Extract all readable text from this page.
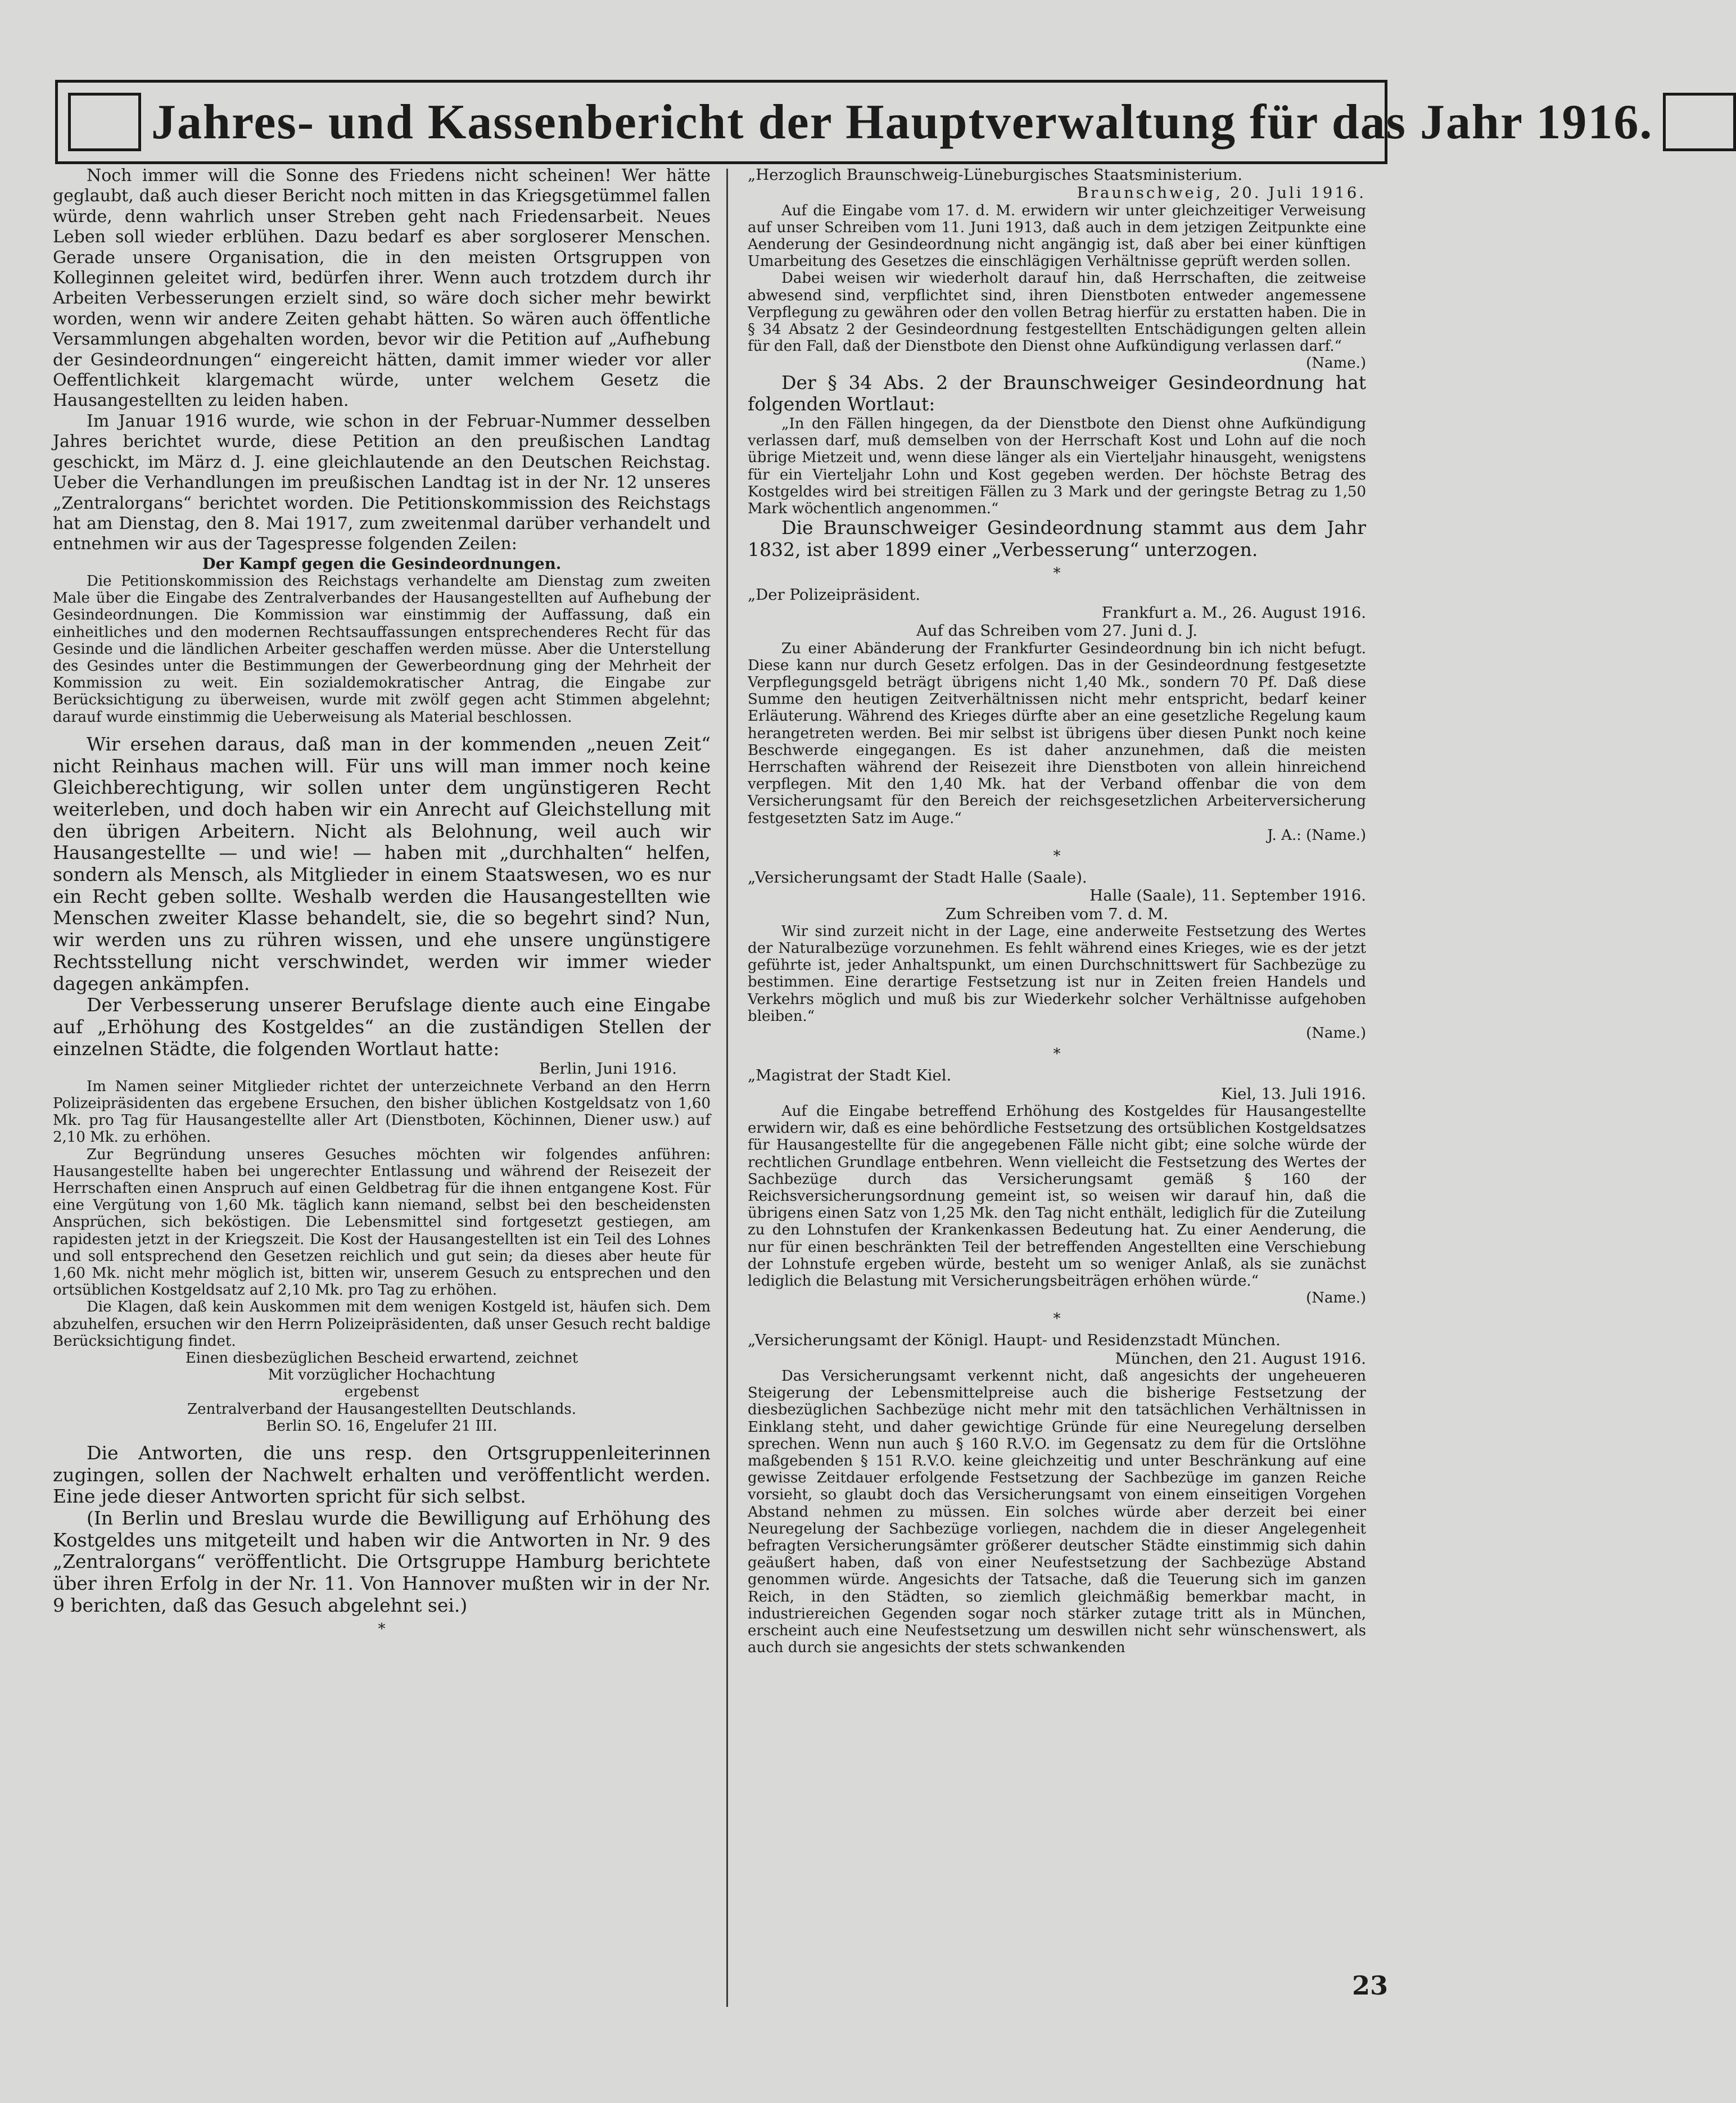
Jahres- und Kassenbericht der Hauptverwaltung für das Jahr 1916.

Noch immer will die Sonne des Friedens nicht scheinen! Wer hätte geglaubt, daß auch dieser Bericht noch mitten in das Kriegsgetümmel fallen würde, denn wahrlich unser Streben geht nach Friedensarbeit. Neues Leben soll wieder erblühen. Dazu bedarf es aber sorgloserer Menschen. Gerade unsere Organisation, die in den meisten Ortsgruppen von Kolleginnen geleitet wird, bedürfen ihrer. Wenn auch trotzdem durch ihr Arbeiten Verbesserungen erzielt sind, so wäre doch sicher mehr bewirkt worden, wenn wir andere Zeiten gehabt hätten. So wären auch öffentliche Versammlungen abgehalten worden, bevor wir die Petition auf „Aufhebung der Gesindeordnungen“ eingereicht hätten, damit immer wieder vor aller Oeffentlichkeit klargemacht würde, unter welchem Gesetz die Hausangestellten zu leiden haben.

Im Januar 1916 wurde, wie schon in der Februar-Nummer desselben Jahres berichtet wurde, diese Petition an den preußischen Landtag geschickt, im März d. J. eine gleichlautende an den Deutschen Reichstag. Ueber die Verhandlungen im preußischen Landtag ist in der Nr. 12 unseres „Zentralorgans“ berichtet worden. Die Petitionskommission des Reichstags hat am Dienstag, den 8. Mai 1917, zum zweitenmal darüber verhandelt und entnehmen wir aus der Tagespresse folgenden Zeilen:

Der Kampf gegen die Gesindeordnungen.

Die Petitionskommission des Reichstags verhandelte am Dienstag zum zweiten Male über die Eingabe des Zentralverbandes der Hausangestellten auf Aufhebung der Gesindeordnungen. Die Kommission war einstimmig der Auffassung, daß ein einheitliches und den modernen Rechtsauffassungen entsprechenderes Recht für das Gesinde und die ländlichen Arbeiter geschaffen werden müsse. Aber die Unterstellung des Gesindes unter die Bestimmungen der Gewerbeordnung ging der Mehrheit der Kommission zu weit. Ein sozialdemokratischer Antrag, die Eingabe zur Berücksichtigung zu überweisen, wurde mit zwölf gegen acht Stimmen abgelehnt; darauf wurde einstimmig die Ueberweisung als Material beschlossen.

Wir ersehen daraus, daß man in der kommenden „neuen Zeit“ nicht Reinhaus machen will. Für uns will man immer noch keine Gleichberechtigung, wir sollen unter dem ungünstigeren Recht weiterleben, und doch haben wir ein Anrecht auf Gleichstellung mit den übrigen Arbeitern. Nicht als Belohnung, weil auch wir Hausangestellte — und wie! — haben mit „durchhalten“ helfen, sondern als Mensch, als Mitglieder in einem Staatswesen, wo es nur ein Recht geben sollte. Weshalb werden die Hausangestellten wie Menschen zweiter Klasse behandelt, sie, die so begehrt sind? Nun, wir werden uns zu rühren wissen, und ehe unsere ungünstigere Rechtsstellung nicht verschwindet, werden wir immer wieder dagegen ankämpfen.

Der Verbesserung unserer Berufslage diente auch eine Eingabe auf „Erhöhung des Kostgeldes“ an die zuständigen Stellen der einzelnen Städte, die folgenden Wortlaut hatte:

Berlin, Juni 1916.

Im Namen seiner Mitglieder richtet der unterzeichnete Verband an den Herrn Polizeipräsidenten das ergebene Ersuchen, den bisher üblichen Kostgeldsatz von 1,60 Mk. pro Tag für Hausangestellte aller Art (Dienstboten, Köchinnen, Diener usw.) auf 2,10 Mk. zu erhöhen.

Zur Begründung unseres Gesuches möchten wir folgendes anführen: Hausangestellte haben bei ungerechter Entlassung und während der Reisezeit der Herrschaften einen Anspruch auf einen Geldbetrag für die ihnen entgangene Kost. Für eine Vergütung von 1,60 Mk. täglich kann niemand, selbst bei den bescheidensten Ansprüchen, sich beköstigen. Die Lebensmittel sind fortgesetzt gestiegen, am rapidesten jetzt in der Kriegszeit. Die Kost der Hausangestellten ist ein Teil des Lohnes und soll entsprechend den Gesetzen reichlich und gut sein; da dieses aber heute für 1,60 Mk. nicht mehr möglich ist, bitten wir, unserem Gesuch zu entsprechen und den ortsüblichen Kostgeldsatz auf 2,10 Mk. pro Tag zu erhöhen.

Die Klagen, daß kein Auskommen mit dem wenigen Kostgeld ist, häufen sich. Dem abzuhelfen, ersuchen wir den Herrn Polizeipräsidenten, daß unser Gesuch recht baldige Berücksichtigung findet.

Einen diesbezüglichen Bescheid erwartend, zeichnet

Mit vorzüglicher Hochachtung

ergebenst

Zentralverband der Hausangestellten Deutschlands.

Berlin SO. 16, Engelufer 21 III.

Die Antworten, die uns resp. den Ortsgruppenleiterinnen zugingen, sollen der Nachwelt erhalten und veröffentlicht werden. Eine jede dieser Antworten spricht für sich selbst.

(In Berlin und Breslau wurde die Bewilligung auf Erhöhung des Kostgeldes uns mitgeteilt und haben wir die Antworten in Nr. 9 des „Zentralorgans“ veröffentlicht. Die Ortsgruppe Hamburg berichtete über ihren Erfolg in der Nr. 11. Von Hannover mußten wir in der Nr. 9 berichten, daß das Gesuch abgelehnt sei.)

*

„Herzoglich Braunschweig-Lüneburgisches Staatsministerium.

Braunschweig, 20. Juli 1916.

Auf die Eingabe vom 17. d. M. erwidern wir unter gleichzeitiger Verweisung auf unser Schreiben vom 11. Juni 1913, daß auch in dem jetzigen Zeitpunkte eine Aenderung der Gesindeordnung nicht angängig ist, daß aber bei einer künftigen Umarbeitung des Gesetzes die einschlägigen Verhältnisse geprüft werden sollen.

Dabei weisen wir wiederholt darauf hin, daß Herrschaften, die zeitweise abwesend sind, verpflichtet sind, ihren Dienstboten entweder angemessene Verpflegung zu gewähren oder den vollen Betrag hierfür zu erstatten haben. Die in § 34 Absatz 2 der Gesindeordnung festgestellten Entschädigungen gelten allein für den Fall, daß der Dienstbote den Dienst ohne Aufkündigung verlassen darf.“

(Name.)

Der § 34 Abs. 2 der Braunschweiger Gesindeordnung hat folgenden Wortlaut:

„In den Fällen hingegen, da der Dienstbote den Dienst ohne Aufkündigung verlassen darf, muß demselben von der Herrschaft Kost und Lohn auf die noch übrige Mietzeit und, wenn diese länger als ein Vierteljahr hinausgeht, wenigstens für ein Vierteljahr Lohn und Kost gegeben werden. Der höchste Betrag des Kostgeldes wird bei streitigen Fällen zu 3 Mark und der geringste Betrag zu 1,50 Mark wöchentlich angenommen.“

Die Braunschweiger Gesindeordnung stammt aus dem Jahr 1832, ist aber 1899 einer „Verbesserung“ unterzogen.

*

„Der Polizeipräsident.

Frankfurt a. M., 26. August 1916.

Auf das Schreiben vom 27. Juni d. J.

Zu einer Abänderung der Frankfurter Gesindeordnung bin ich nicht befugt. Diese kann nur durch Gesetz erfolgen. Das in der Gesindeordnung festgesetzte Verpflegungsgeld beträgt übrigens nicht 1,40 Mk., sondern 70 Pf. Daß diese Summe den heutigen Zeitverhältnissen nicht mehr entspricht, bedarf keiner Erläuterung. Während des Krieges dürfte aber an eine gesetzliche Regelung kaum herangetreten werden. Bei mir selbst ist übrigens über diesen Punkt noch keine Beschwerde eingegangen. Es ist daher anzunehmen, daß die meisten Herrschaften während der Reisezeit ihre Dienstboten von allein hinreichend verpflegen. Mit den 1,40 Mk. hat der Verband offenbar die von dem Versicherungsamt für den Bereich der reichsgesetzlichen Arbeiterversicherung festgesetzten Satz im Auge.“

J. A.: (Name.)

*

„Versicherungsamt der Stadt Halle (Saale).

Halle (Saale), 11. September 1916.

Zum Schreiben vom 7. d. M.

Wir sind zurzeit nicht in der Lage, eine anderweite Festsetzung des Wertes der Naturalbezüge vorzunehmen. Es fehlt während eines Krieges, wie es der jetzt geführte ist, jeder Anhaltspunkt, um einen Durchschnittswert für Sachbezüge zu bestimmen. Eine derartige Festsetzung ist nur in Zeiten freien Handels und Verkehrs möglich und muß bis zur Wiederkehr solcher Verhältnisse aufgehoben bleiben.“

(Name.)

*

„Magistrat der Stadt Kiel.

Kiel, 13. Juli 1916.

Auf die Eingabe betreffend Erhöhung des Kostgeldes für Hausangestellte erwidern wir, daß es eine behördliche Festsetzung des ortsüblichen Kostgeldsatzes für Hausangestellte für die angegebenen Fälle nicht gibt; eine solche würde der rechtlichen Grundlage entbehren. Wenn vielleicht die Festsetzung des Wertes der Sachbezüge durch das Versicherungsamt gemäß § 160 der Reichsversicherungsordnung gemeint ist, so weisen wir darauf hin, daß die übrigens einen Satz von 1,25 Mk. den Tag nicht enthält, lediglich für die Zuteilung zu den Lohnstufen der Krankenkassen Bedeutung hat. Zu einer Aenderung, die nur für einen beschränkten Teil der betreffenden Angestellten eine Verschiebung der Lohnstufe ergeben würde, besteht um so weniger Anlaß, als sie zunächst lediglich die Belastung mit Versicherungsbeiträgen erhöhen würde.“

(Name.)

*

„Versicherungsamt der Königl. Haupt- und Residenzstadt München.

München, den 21. August 1916.

Das Versicherungsamt verkennt nicht, daß angesichts der ungeheueren Steigerung der Lebensmittelpreise auch die bisherige Festsetzung der diesbezüglichen Sachbezüge nicht mehr mit den tatsächlichen Verhältnissen in Einklang steht, und daher gewichtige Gründe für eine Neuregelung derselben sprechen. Wenn nun auch § 160 R.V.O. im Gegensatz zu dem für die Ortslöhne maßgebenden § 151 R.V.O. keine gleichzeitig und unter Beschränkung auf eine gewisse Zeitdauer erfolgende Festsetzung der Sachbezüge im ganzen Reiche vorsieht, so glaubt doch das Versicherungsamt von einem einseitigen Vorgehen Abstand nehmen zu müssen. Ein solches würde aber derzeit bei einer Neuregelung der Sachbezüge vorliegen, nachdem die in dieser Angelegenheit befragten Versicherungsämter größerer deutscher Städte einstimmig sich dahin geäußert haben, daß von einer Neufestsetzung der Sachbezüge Abstand genommen würde. Angesichts der Tatsache, daß die Teuerung sich im ganzen Reich, in den Städten, so ziemlich gleichmäßig bemerkbar macht, in industriereichen Gegenden sogar noch stärker zutage tritt als in München, erscheint auch eine Neufestsetzung um deswillen nicht sehr wünschenswert, als auch durch sie angesichts der stets schwankenden

23
